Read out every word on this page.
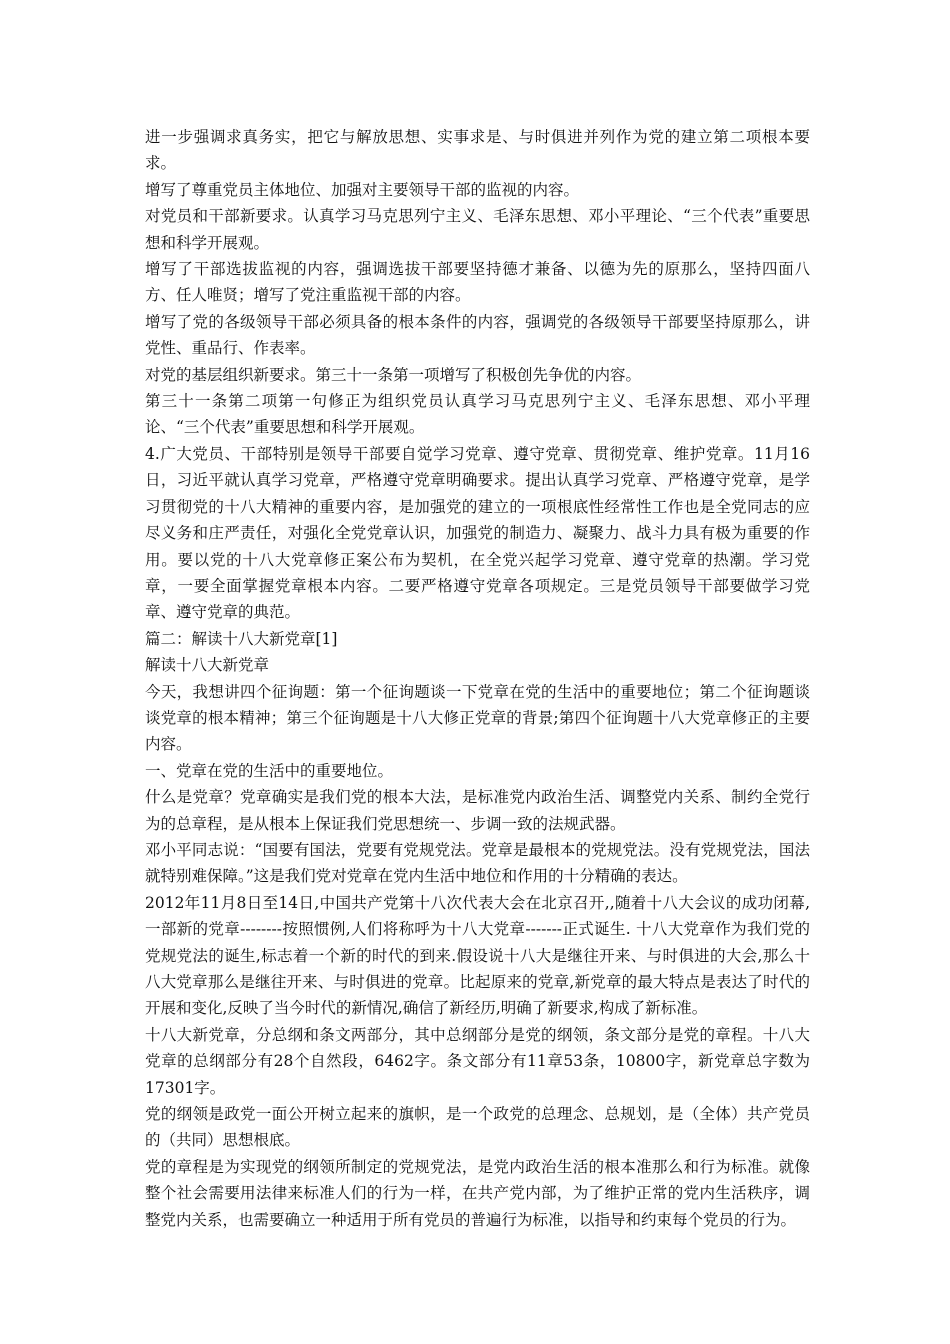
进一步强调求真务实，把它与解放思想、实事求是、与时俱进并列作为党的建立第二项根本要求。

增写了尊重党员主体地位、加强对主要领导干部的监视的内容。

对党员和干部新要求。认真学习马克思列宁主义、毛泽东思想、邓小平理论、“三个代表”重要思想和科学开展观。

增写了干部选拔监视的内容，强调选拔干部要坚持德才兼备、以德为先的原那么，坚持四面八方、任人唯贤；增写了党注重监视干部的内容。

增写了党的各级领导干部必须具备的根本条件的内容，强调党的各级领导干部要坚持原那么，讲党性、重品行、作表率。

对党的基层组织新要求。第三十一条第一项增写了积极创先争优的内容。

第三十一条第二项第一句修正为组织党员认真学习马克思列宁主义、毛泽东思想、邓小平理论、“三个代表”重要思想和科学开展观。

4.广大党员、干部特别是领导干部要自觉学习党章、遵守党章、贯彻党章、维护党章。11月16日，习近平就认真学习党章，严格遵守党章明确要求。提出认真学习党章、严格遵守党章，是学习贯彻党的十八大精神的重要内容，是加强党的建立的一项根底性经常性工作也是全党同志的应尽义务和庄严责任，对强化全党党章认识，加强党的制造力、凝聚力、战斗力具有极为重要的作用。要以党的十八大党章修正案公布为契机，在全党兴起学习党章、遵守党章的热潮。学习党章，一要全面掌握党章根本内容。二要严格遵守党章各项规定。三是党员领导干部要做学习党章、遵守党章的典范。

篇二：解读十八大新党章[1]

解读十八大新党章

今天，我想讲四个征询题：第一个征询题谈一下党章在党的生活中的重要地位；第二个征询题谈谈党章的根本精神；第三个征询题是十八大修正党章的背景;第四个征询题十八大党章修正的主要内容。

一、党章在党的生活中的重要地位。

什么是党章？党章确实是我们党的根本大法，是标准党内政治生活、调整党内关系、制约全党行为的总章程，是从根本上保证我们党思想统一、步调一致的法规武器。

邓小平同志说：“国要有国法，党要有党规党法。党章是最根本的党规党法。没有党规党法，国法就特别难保障。”这是我们党对党章在党内生活中地位和作用的十分精确的表达。

2012年11月8日至14日,中国共产党第十八次代表大会在北京召开,,随着十八大会议的成功闭幕,一部新的党章--------按照惯例,人们将称呼为十八大党章-------正式诞生. 十八大党章作为我们党的党规党法的诞生,标志着一个新的时代的到来.假设说十八大是继往开来、与时俱进的大会,那么十八大党章那么是继往开来、与时俱进的党章。比起原来的党章,新党章的最大特点是表达了时代的开展和变化,反映了当今时代的新情况,确信了新经历,明确了新要求,构成了新标准。

十八大新党章，分总纲和条文两部分，其中总纲部分是党的纲领，条文部分是党的章程。十八大党章的总纲部分有28个自然段，6462字。条文部分有11章53条，10800字，新党章总字数为17301字。

党的纲领是政党一面公开树立起来的旗帜，是一个政党的总理念、总规划，是（全体）共产党员的（共同）思想根底。

党的章程是为实现党的纲领所制定的党规党法，是党内政治生活的根本准那么和行为标准。就像整个社会需要用法律来标准人们的行为一样，在共产党内部，为了维护正常的党内生活秩序，调整党内关系，也需要确立一种适用于所有党员的普遍行为标准，以指导和约束每个党员的行为。
